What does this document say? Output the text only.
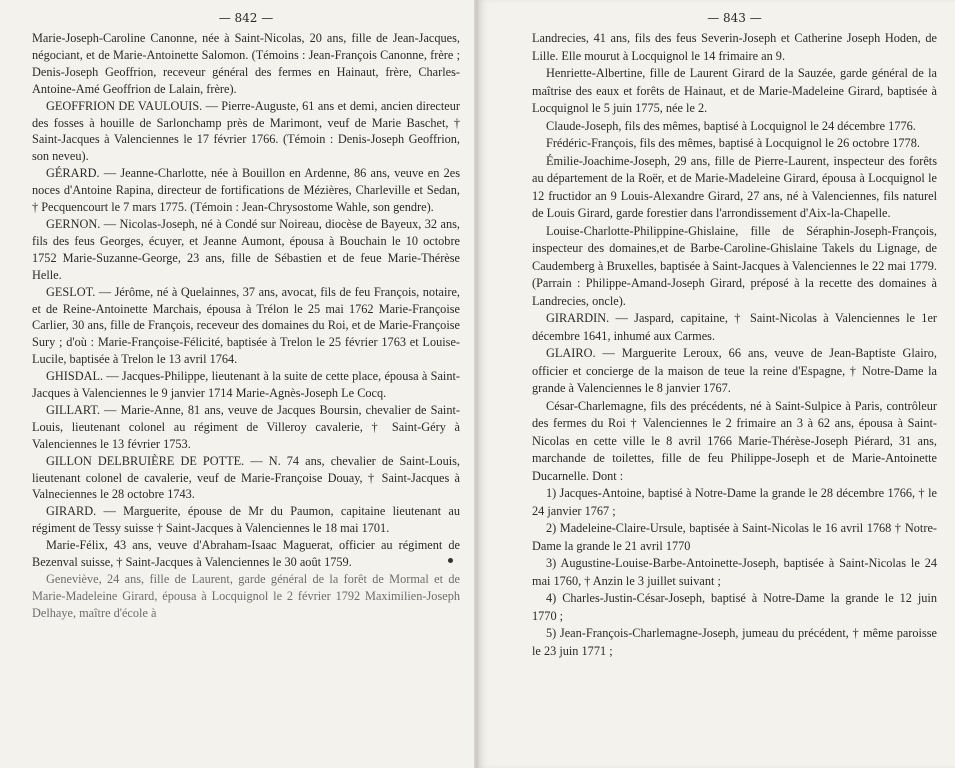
— 842 —

Marie-Joseph-Caroline Canonne, née à Saint-Nicolas, 20 ans, fille de Jean-Jacques, négociant, et de Marie-Antoinette Salomon. (Témoins : Jean-François Canonne, frère ; Denis-Joseph Geoffrion, receveur général des fermes en Hainaut, frère, Charles-Antoine-Amé Geoffrion de Lalain, frère).

GEOFFRION DE VAULOUIS. — Pierre-Auguste, 61 ans et demi, ancien directeur des fosses à houille de Sarlonchamp près de Marimont, veuf de Marie Baschet, † Saint-Jacques à Valenciennes le 17 février 1766. (Témoin : Denis-Joseph Geoffrion, son neveu).

GÉRARD. — Jeanne-Charlotte, née à Bouillon en Ardenne, 86 ans, veuve en 2es noces d'Antoine Rapina, directeur de fortifications de Mézières, Charleville et Sedan, † Pecquencourt le 7 mars 1775. (Témoin : Jean-Chrysostome Wahle, son gendre).

GERNON. — Nicolas-Joseph, né à Condé sur Noireau, diocèse de Bayeux, 32 ans, fils des feus Georges, écuyer, et Jeanne Aumont, épousa à Bouchain le 10 octobre 1752 Marie-Suzanne-George, 23 ans, fille de Sébastien et de feue Marie-Thérèse Helle.

GESLOT. — Jérôme, né à Quelainnes, 37 ans, avocat, fils de feu François, notaire, et de Reine-Antoinette Marchais, épousa à Trélon le 25 mai 1762 Marie-Françoise Carlier, 30 ans, fille de François, receveur des domaines du Roi, et de Marie-Françoise Sury ; d'où : Marie-Françoise-Félicité, baptisée à Trelon le 25 février 1763 et Louise-Lucile, baptisée à Trelon le 13 avril 1764.

GHISDAL. — Jacques-Philippe, lieutenant à la suite de cette place, épousa à Saint-Jacques à Valenciennes le 9 janvier 1714 Marie-Agnès-Joseph Le Cocq.

GILLART. — Marie-Anne, 81 ans, veuve de Jacques Boursin, chevalier de Saint-Louis, lieutenant colonel au régiment de Villeroy cavalerie, † Saint-Géry à Valenciennes le 13 février 1753.

GILLON DELBRUIÈRE DE POTTE. — N. 74 ans, chevalier de Saint-Louis, lieutenant colonel de cavalerie, veuf de Marie-Françoise Douay, † Saint-Jacques à Valneciennes le 28 octobre 1743.

GIRARD. — Marguerite, épouse de Mr du Paumon, capitaine lieutenant au régiment de Tessy suisse † Saint-Jacques à Valenciennes le 18 mai 1701.

Marie-Félix, 43 ans, veuve d'Abraham-Isaac Maguerat, officier au régiment de Bezenval suisse, † Saint-Jacques à Valenciennes le 30 août 1759.

Geneviève, 24 ans, fille de Laurent, garde général de la forêt de Mormal et de Marie-Madeleine Girard, épousa à Locquignol le 2 février 1792 Maximilien-Joseph Delhaye, maître d'école à

— 843 —

Landrecies, 41 ans, fils des feus Severin-Joseph et Catherine Joseph Hoden, de Lille. Elle mourut à Locquignol le 14 frimaire an 9.

Henriette-Albertine, fille de Laurent Girard de la Sauzée, garde général de la maîtrise des eaux et forêts de Hainaut, et de Marie-Madeleine Girard, baptisée à Locquignol le 5 juin 1775, née le 2.

Claude-Joseph, fils des mêmes, baptisé à Locquignol le 24 décembre 1776.

Frédéric-François, fils des mêmes, baptisé à Locquignol le 26 octobre 1778.

Émilie-Joachime-Joseph, 29 ans, fille de Pierre-Laurent, inspecteur des forêts au département de la Roër, et de Marie-Madeleine Girard, épousa à Locquignol le 12 fructidor an 9 Louis-Alexandre Girard, 27 ans, né à Valenciennes, fils naturel de Louis Girard, garde forestier dans l'arrondissement d'Aix-la-Chapelle.

Louise-Charlotte-Philippine-Ghislaine, fille de Séraphin-Joseph-François, inspecteur des domaines,et de Barbe-Caroline-Ghislaine Takels du Lignage, de Caudemberg à Bruxelles, baptisée à Saint-Jacques à Valenciennes le 22 mai 1779. (Parrain : Philippe-Amand-Joseph Girard, préposé à la recette des domaines à Landrecies, oncle).

GIRARDIN. — Jaspard, capitaine, † Saint-Nicolas à Valenciennes le 1er décembre 1641, inhumé aux Carmes.

GLAIRO. — Marguerite Leroux, 66 ans, veuve de Jean-Baptiste Glairo, officier et concierge de la maison de teue la reine d'Espagne, † Notre-Dame la grande à Valenciennes le 8 janvier 1767.

César-Charlemagne, fils des précédents, né à Saint-Sulpice à Paris, contrôleur des fermes du Roi † Valenciennes le 2 frimaire an 3 à 62 ans, épousa à Saint-Nicolas en cette ville le 8 avril 1766 Marie-Thérèse-Joseph Piérard, 31 ans, marchande de toilettes, fille de feu Philippe-Joseph et de Marie-Antoinette Ducarnelle. Dont :

1) Jacques-Antoine, baptisé à Notre-Dame la grande le 28 décembre 1766, † le 24 janvier 1767 ;

2) Madeleine-Claire-Ursule, baptisée à Saint-Nicolas le 16 avril 1768 † Notre-Dame la grande le 21 avril 1770

3) Augustine-Louise-Barbe-Antoinette-Joseph, baptisée à Saint-Nicolas le 24 mai 1760, † Anzin le 3 juillet suivant ;

4) Charles-Justin-César-Joseph, baptisé à Notre-Dame la grande le 12 juin 1770 ;

5) Jean-François-Charlemagne-Joseph, jumeau du précédent, † même paroisse le 23 juin 1771 ;
